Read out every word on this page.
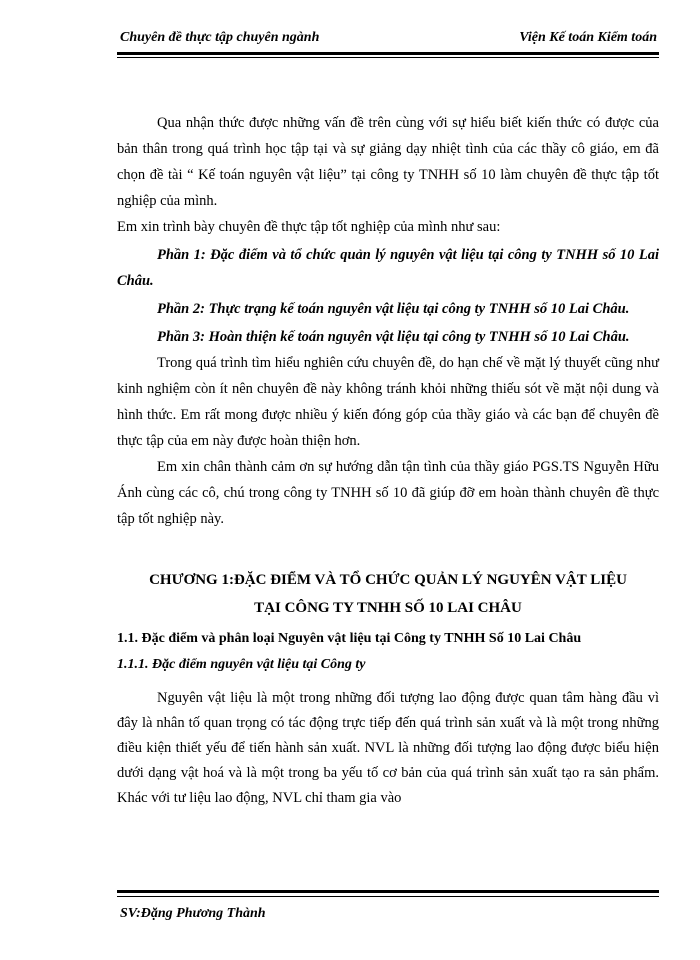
Chuyên đề thực tập chuyên ngành	Viện Kế toán Kiểm toán

Qua nhận thức được những vấn đề trên cùng với sự hiểu biết kiến thức có được của bản thân trong quá trình học tập tại và sự giảng dạy nhiệt tình của các thầy cô giáo, em đã chọn đề tài “ Kế toán nguyên vật liệu” tại công ty TNHH số 10 làm chuyên đề thực tập tốt nghiệp của mình.

Em xin trình bày chuyên đề thực tập tốt nghiệp của mình như sau:

Phần 1: Đặc điểm và tổ chức quản lý nguyên vật liệu tại công ty TNHH số 10 Lai Châu.

Phần 2: Thực trạng kế toán nguyên vật liệu tại công ty TNHH số 10 Lai Châu.

Phần 3: Hoàn thiện kế toán nguyên vật liệu tại công ty TNHH số 10 Lai Châu.

Trong quá trình tìm hiểu nghiên cứu chuyên đề, do hạn chế về mặt lý thuyết cũng như kinh nghiệm còn ít nên chuyên đề này không tránh khỏi những thiếu sót về mặt nội dung và hình thức. Em rất mong được nhiều ý kiến đóng góp của thầy giáo và các bạn để chuyên đề thực tập của em này được hoàn thiện hơn.

Em xin chân thành cảm ơn sự hướng dẫn tận tình của thầy giáo PGS.TS Nguyễn Hữu Ánh cùng các cô, chú trong công ty TNHH số 10 đã giúp đỡ em hoàn thành chuyên đề thực tập tốt nghiệp này.

CHƯƠNG 1:ĐẶC ĐIỂM VÀ TỔ CHỨC QUẢN LÝ NGUYÊN VẬT LIỆU TẠI CÔNG TY TNHH SỐ 10 LAI CHÂU

1.1. Đặc điểm và phân loại Nguyên vật liệu tại Công ty TNHH Số 10 Lai Châu

1.1.1. Đặc điểm nguyên vật liệu tại Công ty

Nguyên vật liệu là một trong những đối tượng lao động được quan tâm hàng đầu vì đây là nhân tố quan trọng có tác động trực tiếp đến quá trình sản xuất và là một trong những điều kiện thiết yếu để tiến hành sản xuất. NVL là những đối tượng lao động được biểu hiện dưới dạng vật hoá và là một trong ba yếu tố cơ bản của quá trình sản xuất tạo ra sản phẩm. Khác với tư liệu lao động, NVL chỉ tham gia vào

SV:Đặng Phương Thành
